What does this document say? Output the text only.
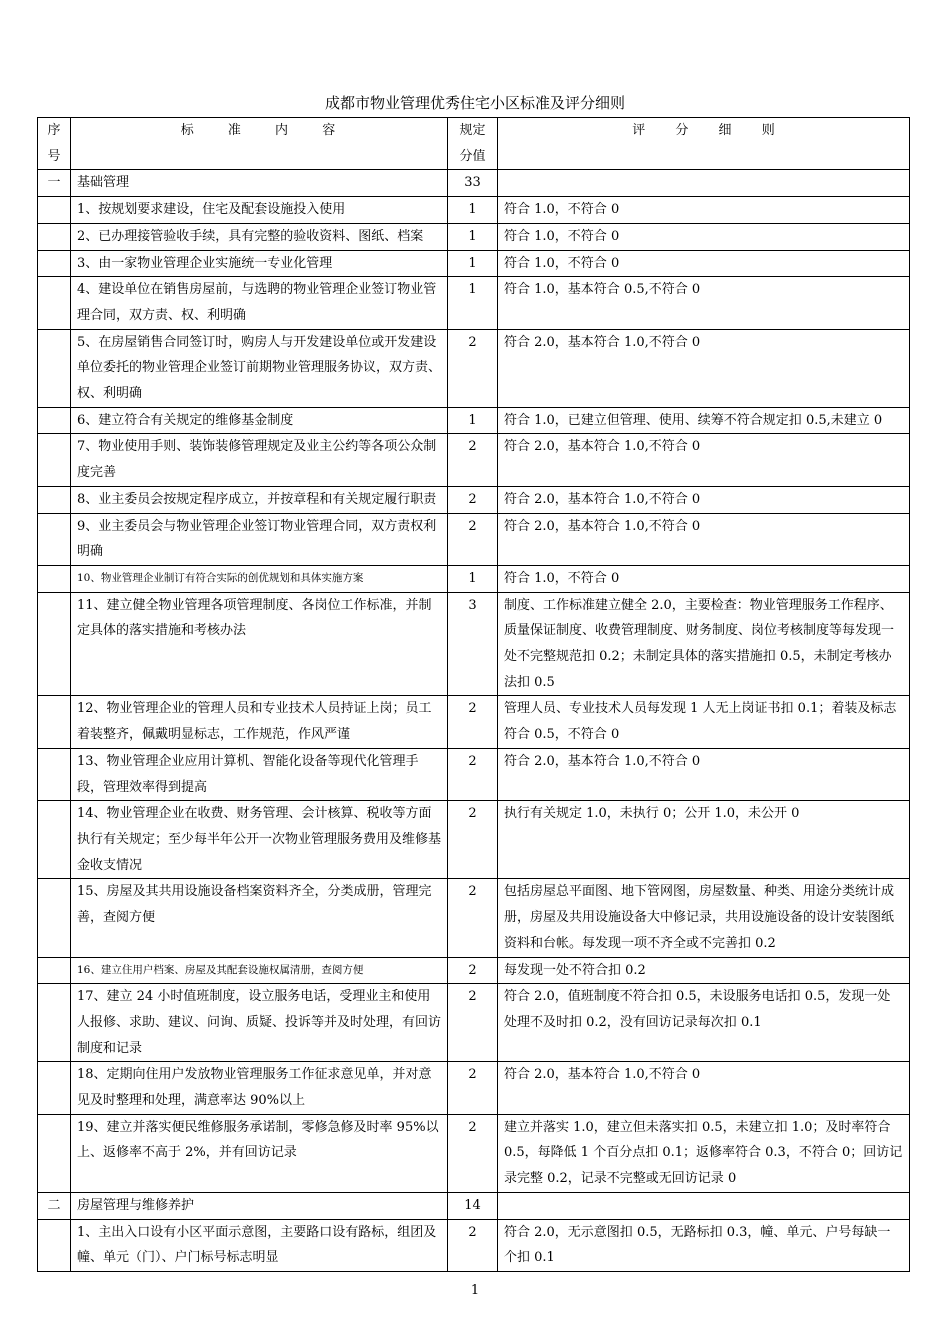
成都市物业管理优秀住宅小区标准及评分细则
序号	标 准 内 容	规定分值	评 分 细 则
一	基础管理	33	
	1、按规划要求建设，住宅及配套设施投入使用	1	符合 1.0，不符合 0
	2、已办理接管验收手续，具有完整的验收资料、图纸、档案	1	符合 1.0，不符合 0
	3、由一家物业管理企业实施统一专业化管理	1	符合 1.0，不符合 0
	4、建设单位在销售房屋前，与选聘的物业管理企业签订物业管理合同，双方责、权、利明确	1	符合 1.0，基本符合 0.5,不符合 0
	5、在房屋销售合同签订时，购房人与开发建设单位或开发建设单位委托的物业管理企业签订前期物业管理服务协议，双方责、权、利明确	2	符合 2.0，基本符合 1.0,不符合 0
	6、建立符合有关规定的维修基金制度	1	符合 1.0，已建立但管理、使用、续筹不符合规定扣 0.5,未建立 0
	7、物业使用手则、装饰装修管理规定及业主公约等各项公众制度完善	2	符合 2.0，基本符合 1.0,不符合 0
	8、业主委员会按规定程序成立，并按章程和有关规定履行职责	2	符合 2.0，基本符合 1.0,不符合 0
	9、业主委员会与物业管理企业签订物业管理合同，双方责权利明确	2	符合 2.0，基本符合 1.0,不符合 0
	10、物业管理企业制订有符合实际的创优规划和具体实施方案	1	符合 1.0，不符合 0
	11、建立健全物业管理各项管理制度、各岗位工作标准，并制定具体的落实措施和考核办法	3	制度、工作标准建立健全 2.0，主要检查：物业管理服务工作程序、质量保证制度、收费管理制度、财务制度、岗位考核制度等每发现一处不完整规范扣 0.2；未制定具体的落实措施扣 0.5，未制定考核办法扣 0.5
	12、物业管理企业的管理人员和专业技术人员持证上岗；员工着装整齐，佩戴明显标志，工作规范，作风严谨	2	管理人员、专业技术人员每发现 1 人无上岗证书扣 0.1；着装及标志符合 0.5，不符合 0
	13、物业管理企业应用计算机、智能化设备等现代化管理手段，管理效率得到提高	2	符合 2.0，基本符合 1.0,不符合 0
	14、物业管理企业在收费、财务管理、会计核算、税收等方面执行有关规定；至少每半年公开一次物业管理服务费用及维修基金收支情况	2	执行有关规定 1.0，未执行 0；公开 1.0，未公开 0
	15、房屋及其共用设施设备档案资料齐全，分类成册，管理完善，查阅方便	2	包括房屋总平面图、地下管网图，房屋数量、种类、用途分类统计成册，房屋及共用设施设备大中修记录，共用设施设备的设计安装图纸资料和台帐。每发现一项不齐全或不完善扣 0.2
	16、建立住用户档案、房屋及其配套设施权属清册，查阅方便	2	每发现一处不符合扣 0.2
	17、建立 24 小时值班制度，设立服务电话，受理业主和使用人报修、求助、建议、问询、质疑、投诉等并及时处理，有回访制度和记录	2	符合 2.0，值班制度不符合扣 0.5，未设服务电话扣 0.5，发现一处处理不及时扣 0.2，没有回访记录每次扣 0.1
	18、定期向住用户发放物业管理服务工作征求意见单，并对意见及时整理和处理，满意率达 90%以上	2	符合 2.0，基本符合 1.0,不符合 0
	19、建立并落实便民维修服务承诺制，零修急修及时率 95%以上、返修率不高于 2%，并有回访记录	2	建立并落实 1.0，建立但未落实扣 0.5，未建立扣 1.0；及时率符合 0.5，每降低 1 个百分点扣 0.1；返修率符合 0.3，不符合 0；回访记录完整 0.2，记录不完整或无回访记录 0
二	房屋管理与维修养护	14	
	1、主出入口设有小区平面示意图，主要路口设有路标，组团及幢、单元（门）、户门标号标志明显	2	符合 2.0，无示意图扣 0.5，无路标扣 0.3，幢、单元、户号每缺一个扣 0.1
1
